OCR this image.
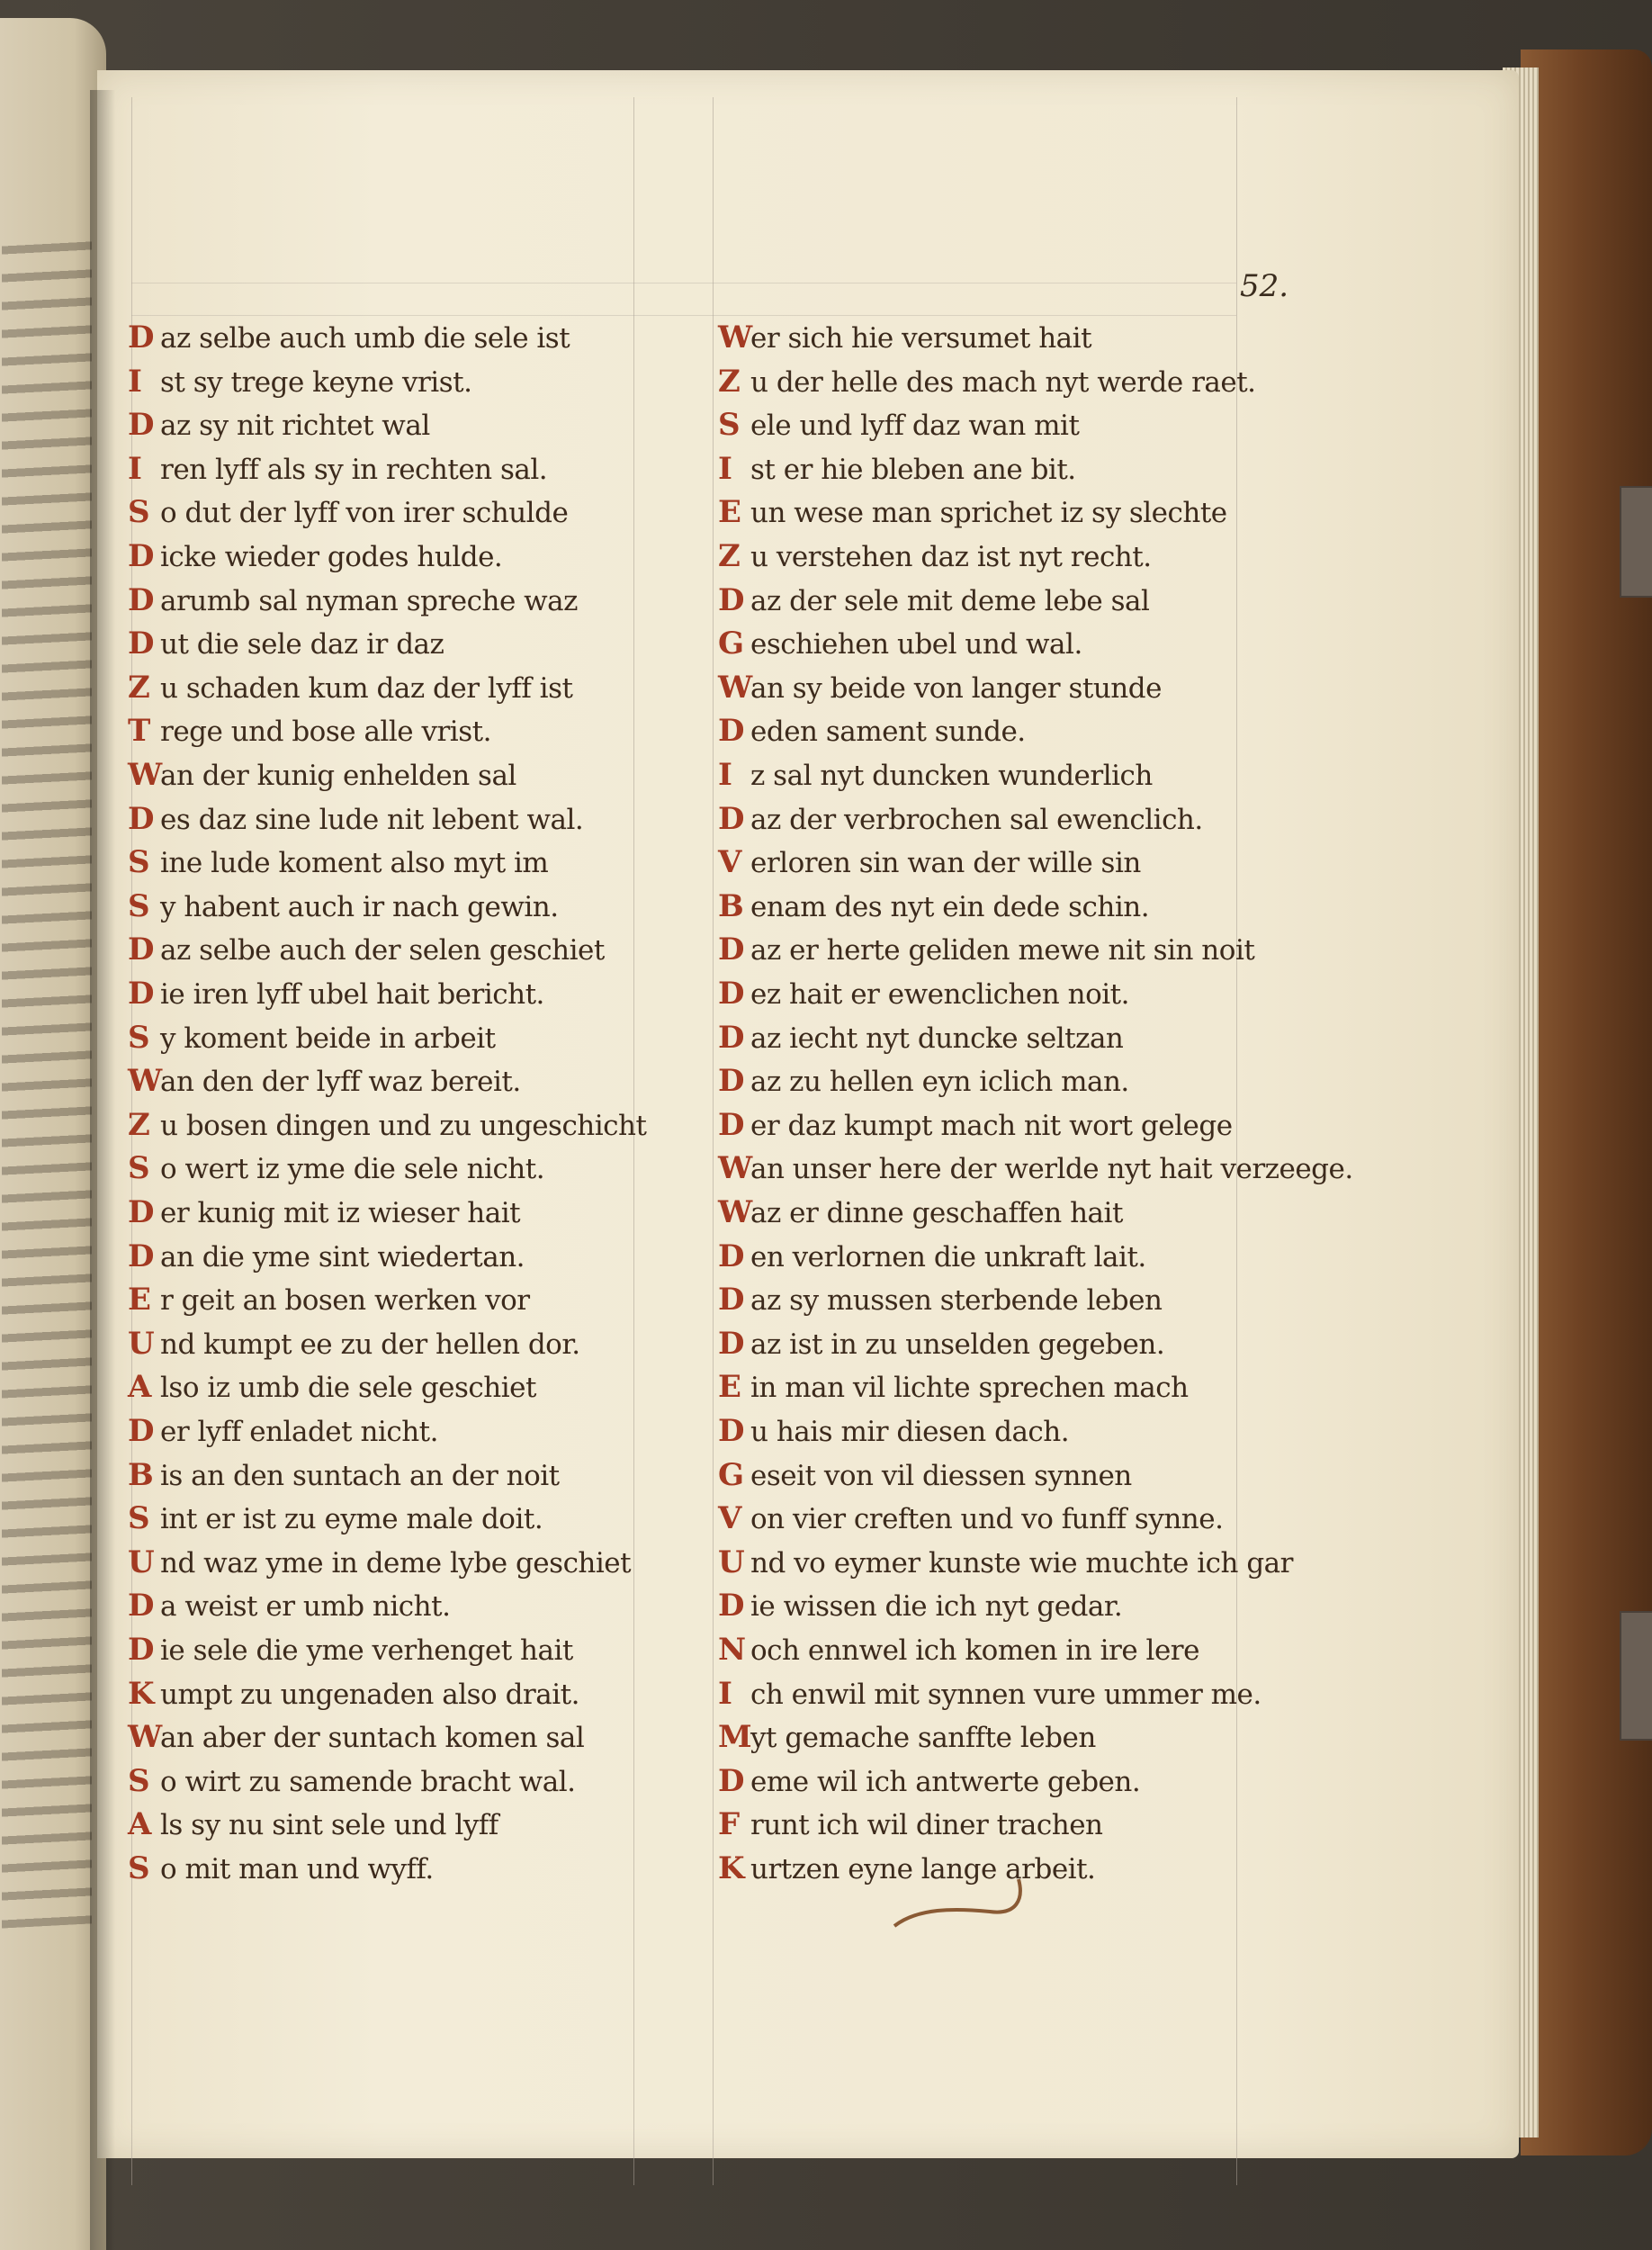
52.
D az selbe auch umb die sele ist
I st sy trege keyne vrist.
D az sy nit richtet wal
I ren lyff als sy in rechten sal.
S o dut der lyff von irer schulde
D icke wieder godes hulde.
D arumb sal nyman spreche waz
D ut die sele daz ir daz
Z u schaden kum daz der lyff ist
T rege und bose alle vrist.
Wan der kunig enhelden sal
D es daz sine lude nit lebent wal.
S ine lude koment also myt im
S y habent auch ir nach gewin.
D az selbe auch der selen geschiet
D ie iren lyff ubel hait bericht.
S y koment beide in arbeit
Wan den der lyff waz bereit.
Z u bosen dingen und zu ungeschicht
S o wert iz yme die sele nicht.
D er kunig mit iz wieser hait
D an die yme sint wiedertan.
E r geit an bosen werken vor
U nd kumpt ee zu der hellen dor.
A lso iz umb die sele geschiet
D er lyff enladet nicht.
B is an den suntach an der noit
S int er ist zu eyme male doit.
U nd waz yme in deme lybe geschiet
D a weist er umb nicht.
D ie sele die yme verhenget hait
K umpt zu ungenaden also drait.
Wan aber der suntach komen sal
S o wirt zu samende bracht wal.
A ls sy nu sint sele und lyff
S o mit man und wyff.
Wer sich hie versumet hait
Z u der helle des mach nyt werde raet.
S ele und lyff daz wan mit
I st er hie bleben ane bit.
E un wese man sprichet iz sy slechte
Z u verstehen daz ist nyt recht.
D az der sele mit deme lebe sal
G eschiehen ubel und wal.
Wan sy beide von langer stunde
D eden sament sunde.
I z sal nyt duncken wunderlich
D az der verbrochen sal ewenclich.
V erloren sin wan der wille sin
B enam des nyt ein dede schin.
D az er herte geliden mewe nit sin noit
D ez hait er ewenclichen noit.
D az iecht nyt duncke seltzan
D az zu hellen eyn iclich man.
D er daz kumpt mach nit wort gelege
Wan unser here der werlde nyt hait verzeege.
Waz er dinne geschaffen hait
D en verlornen die unkraft lait.
D az sy mussen sterbende leben
D az ist in zu unselden gegeben.
E in man vil lichte sprechen mach
D u hais mir diesen dach.
G eseit von vil diessen synnen
V on vier creften und vo funff synne.
U nd vo eymer kunste wie muchte ich gar
D ie wissen die ich nyt gedar.
N och ennwel ich komen in ire lere
I ch enwil mit synnen vure ummer me.
Myt gemache sanffte leben
D eme wil ich antwerte geben.
F runt ich wil diner trachen
K urtzen eyne lange arbeit.
